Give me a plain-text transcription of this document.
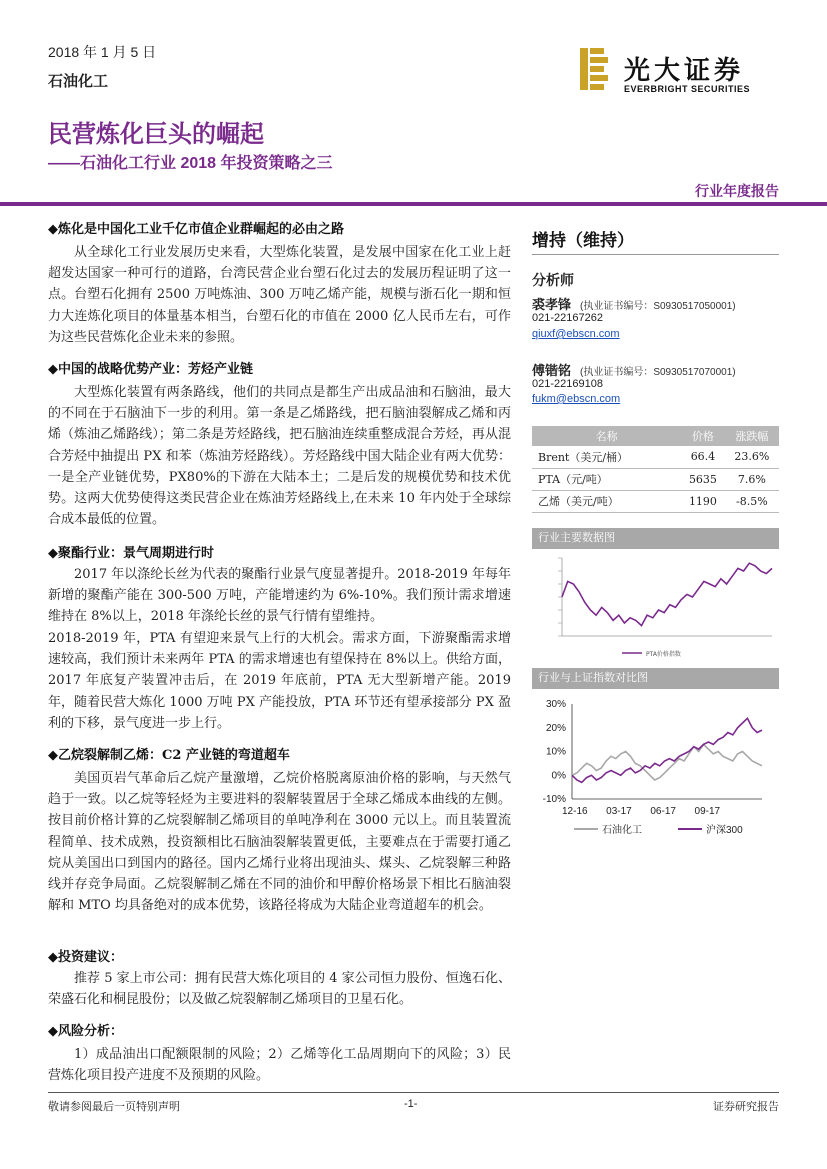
2018 年 1 月 5 日
石油化工	光大证券
EVERBRIGHT SECURITIES
民营炼化巨头的崛起
——石油化工行业 2018 年投资策略之三
行业年度报告
◆炼化是中国化工业千亿市值企业群崛起的必由之路
从全球化工行业发展历史来看，大型炼化装置，是发展中国家在化工业上赶超发达国家一种可行的道路，台湾民营企业台塑石化过去的发展历程证明了这一点。台塑石化拥有 2500 万吨炼油、300 万吨乙烯产能，规模与浙石化一期和恒力大连炼化项目的体量基本相当，台塑石化的市值在 2000 亿人民币左右，可作为这些民营炼化企业未来的参照。
◆中国的战略优势产业：芳烃产业链
大型炼化装置有两条路线，他们的共同点是都生产出成品油和石脑油，最大的不同在于石脑油下一步的利用。第一条是乙烯路线，把石脑油裂解成乙烯和丙烯（炼油乙烯路线）；第二条是芳烃路线，把石脑油连续重整成混合芳烃，再从混合芳烃中抽提出 PX 和苯（炼油芳烃路线）。芳烃路线中国大陆企业有两大优势：一是全产业链优势，PX80%的下游在大陆本土；二是后发的规模优势和技术优势。这两大优势使得这类民营企业在炼油芳烃路线上,在未来 10 年内处于全球综合成本最低的位置。
◆聚酯行业：景气周期进行时
2017 年以涤纶长丝为代表的聚酯行业景气度显著提升。2018-2019 年每年新增的聚酯产能在 300-500 万吨，产能增速约为 6%-10%。我们预计需求增速维持在 8%以上，2018 年涤纶长丝的景气行情有望维持。
2018-2019 年，PTA 有望迎来景气上行的大机会。需求方面，下游聚酯需求增速较高，我们预计未来两年 PTA 的需求增速也有望保持在 8%以上。供给方面，2017 年底复产装置冲击后，在 2019 年底前，PTA 无大型新增产能。2019 年，随着民营大炼化 1000 万吨 PX 产能投放，PTA 环节还有望承接部分 PX 盈利的下移，景气度进一步上行。
◆乙烷裂解制乙烯：C2 产业链的弯道超车
美国页岩气革命后乙烷产量激增，乙烷价格脱离原油价格的影响，与天然气趋于一致。以乙烷等轻烃为主要进料的裂解装置居于全球乙烯成本曲线的左侧。按目前价格计算的乙烷裂解制乙烯项目的单吨净利在 3000 元以上。而且装置流程简单、技术成熟，投资额相比石脑油裂解装置更低，主要难点在于需要打通乙烷从美国出口到国内的路径。国内乙烯行业将出现油头、煤头、乙烷裂解三种路线并存竞争局面。乙烷裂解制乙烯在不同的油价和甲醇价格场景下相比石脑油裂解和 MTO 均具备绝对的成本优势，该路径将成为大陆企业弯道超车的机会。
◆投资建议：
推荐 5 家上市公司：拥有民营大炼化项目的 4 家公司恒力股份、恒逸石化、荣盛石化和桐昆股份；以及做乙烷裂解制乙烯项目的卫星石化。
◆风险分析：
1）成品油出口配额限制的风险；2）乙烯等化工品周期向下的风险；3）民营炼化项目投产进度不及预期的风险。
增持（维持）
分析师
裘孝锋 (执业证书编号：S0930517050001)
021-22167262
qiuxf@ebscn.com
傅锴铭 (执业证书编号：S0930517070001)
021-22169108
fukm@ebscn.com
名称	价格	涨跌幅
Brent（美元/桶）	66.4	23.6%
PTA（元/吨）	5635	7.6%
乙烯（美元/吨）	1190	-8.5%
行业主要数据图
PTA价格指数
行业与上证指数对比图
30%
20%
10%
0%
-10%
12-16 03-17 06-17 09-17
石油化工	沪深300
敬请参阅最后一页特别声明	-1-	证券研究报告
